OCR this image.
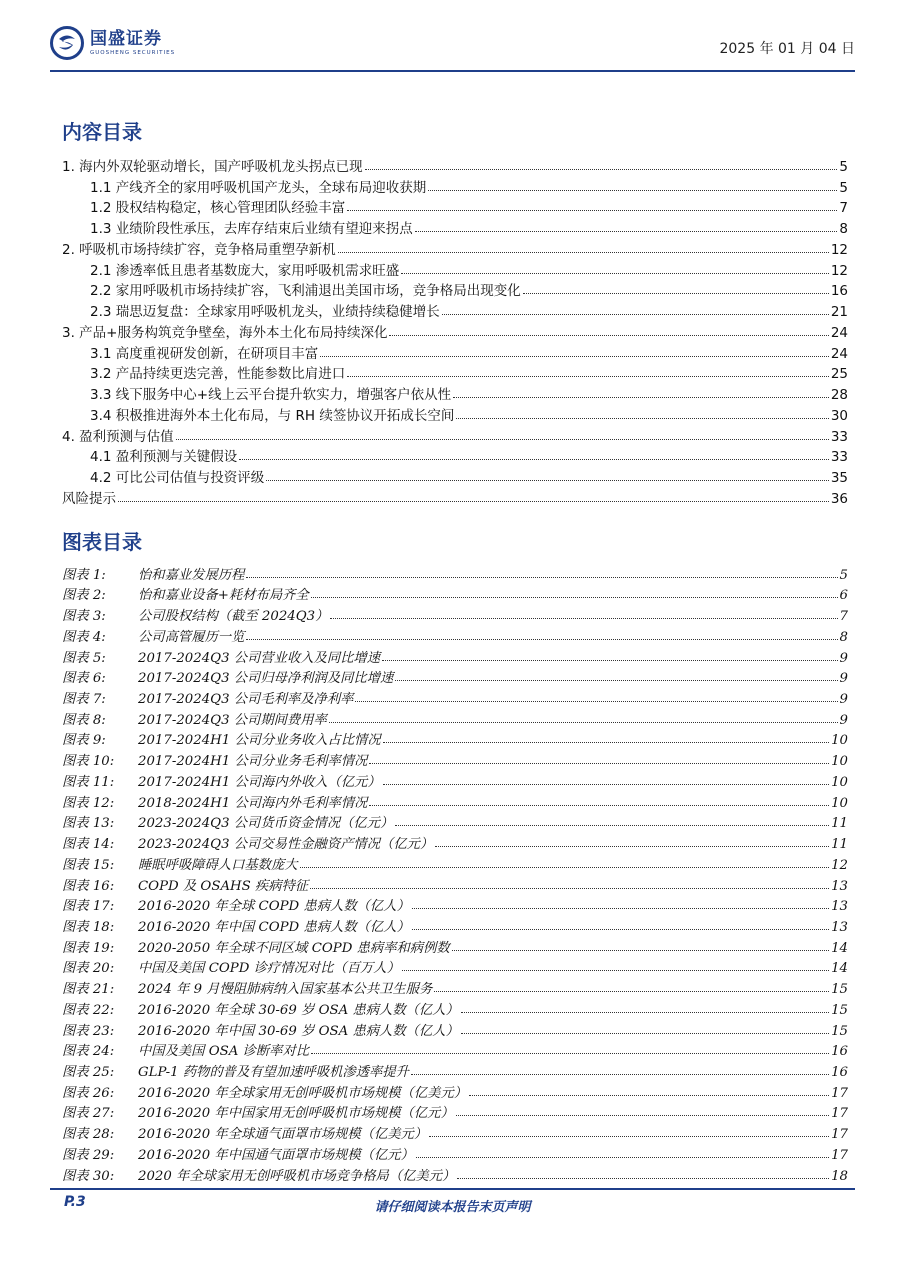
国盛证券
GUOSHENG SECURITIES	2025 年 01 月 04 日
内容目录
1. 海内外双轮驱动增长，国产呼吸机龙头拐点已现	5
1.1 产线齐全的家用呼吸机国产龙头，全球布局迎收获期	5
1.2 股权结构稳定，核心管理团队经验丰富	7
1.3 业绩阶段性承压，去库存结束后业绩有望迎来拐点	8
2. 呼吸机市场持续扩容，竞争格局重塑孕新机	12
2.1 渗透率低且患者基数庞大，家用呼吸机需求旺盛	12
2.2 家用呼吸机市场持续扩容，飞利浦退出美国市场，竞争格局出现变化	16
2.3 瑞思迈复盘：全球家用呼吸机龙头，业绩持续稳健增长	21
3. 产品+服务构筑竞争壁垒，海外本土化布局持续深化	24
3.1 高度重视研发创新，在研项目丰富	24
3.2 产品持续更迭完善，性能参数比肩进口	25
3.3 线下服务中心+线上云平台提升软实力，增强客户依从性	28
3.4 积极推进海外本土化布局，与 RH 续签协议开拓成长空间	30
4. 盈利预测与估值	33
4.1 盈利预测与关键假设	33
4.2 可比公司估值与投资评级	35
风险提示	36
图表目录
图表 1:	怡和嘉业发展历程	5
图表 2:	怡和嘉业设备+耗材布局齐全	6
图表 3:	公司股权结构（截至 2024Q3）	7
图表 4:	公司高管履历一览	8
图表 5:	2017-2024Q3 公司营业收入及同比增速	9
图表 6:	2017-2024Q3 公司归母净利润及同比增速	9
图表 7:	2017-2024Q3 公司毛利率及净利率	9
图表 8:	2017-2024Q3 公司期间费用率	9
图表 9:	2017-2024H1 公司分业务收入占比情况	10
图表 10:	2017-2024H1 公司分业务毛利率情况	10
图表 11:	2017-2024H1 公司海内外收入（亿元）	10
图表 12:	2018-2024H1 公司海内外毛利率情况	10
图表 13:	2023-2024Q3 公司货币资金情况（亿元）	11
图表 14:	2023-2024Q3 公司交易性金融资产情况（亿元）	11
图表 15:	睡眠呼吸障碍人口基数庞大	12
图表 16:	COPD 及 OSAHS 疾病特征	13
图表 17:	2016-2020 年全球 COPD 患病人数（亿人）	13
图表 18:	2016-2020 年中国 COPD 患病人数（亿人）	13
图表 19:	2020-2050 年全球不同区域 COPD 患病率和病例数	14
图表 20:	中国及美国 COPD 诊疗情况对比（百万人）	14
图表 21:	2024 年 9 月慢阻肺病纳入国家基本公共卫生服务	15
图表 22:	2016-2020 年全球 30-69 岁 OSA 患病人数（亿人）	15
图表 23:	2016-2020 年中国 30-69 岁 OSA 患病人数（亿人）	15
图表 24:	中国及美国 OSA 诊断率对比	16
图表 25:	GLP-1 药物的普及有望加速呼吸机渗透率提升	16
图表 26:	2016-2020 年全球家用无创呼吸机市场规模（亿美元）	17
图表 27:	2016-2020 年中国家用无创呼吸机市场规模（亿元）	17
图表 28:	2016-2020 年全球通气面罩市场规模（亿美元）	17
图表 29:	2016-2020 年中国通气面罩市场规模（亿元）	17
图表 30:	2020 年全球家用无创呼吸机市场竞争格局（亿美元）	18
P.3	请仔细阅读本报告末页声明
